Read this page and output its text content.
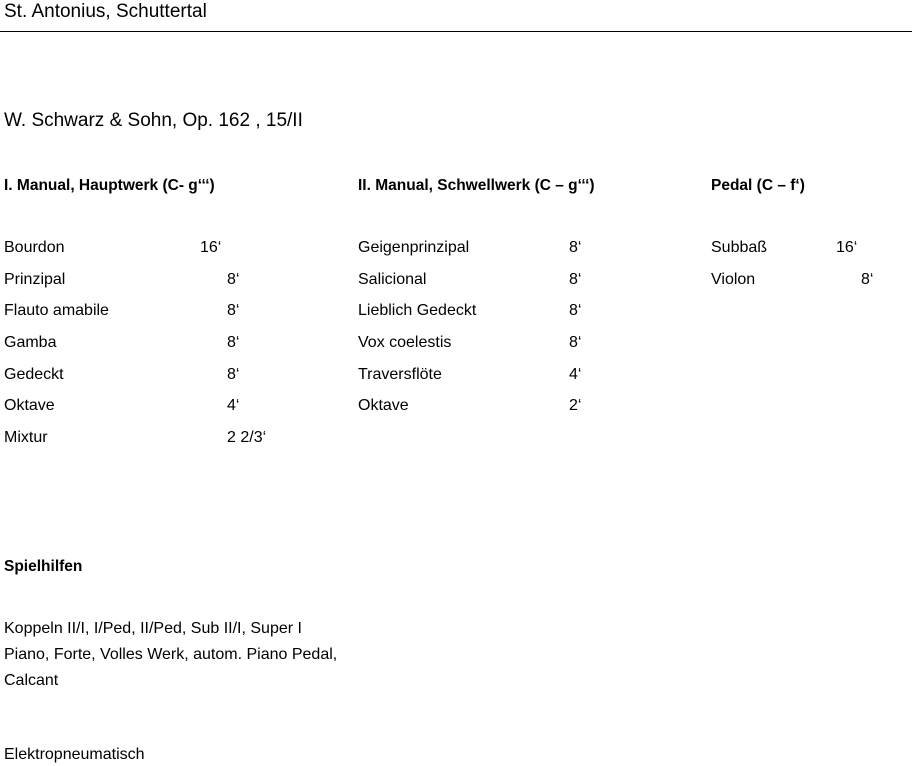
St. Antonius, Schuttertal
W. Schwarz & Sohn, Op. 162 , 15/II
I. Manual, Hauptwerk (C- g‘‘‘)
Bourdon	16‘
Prinzipal	8‘
Flauto amabile	8‘
Gamba	8‘
Gedeckt	8‘
Oktave	4‘
Mixtur	2 2/3‘
II. Manual, Schwellwerk (C – g‘‘‘)
Geigenprinzipal	8‘
Salicional	8‘
Lieblich Gedeckt	8‘
Vox coelestis	8‘
Traversflöte	4‘
Oktave	2‘
Pedal (C – f‘)
Subbaß	16‘
Violon	8‘
Spielhilfen
Koppeln II/I, I/Ped, II/Ped, Sub II/I, Super I
Piano, Forte, Volles Werk, autom. Piano Pedal,
Calcant
Elektropneumatisch
